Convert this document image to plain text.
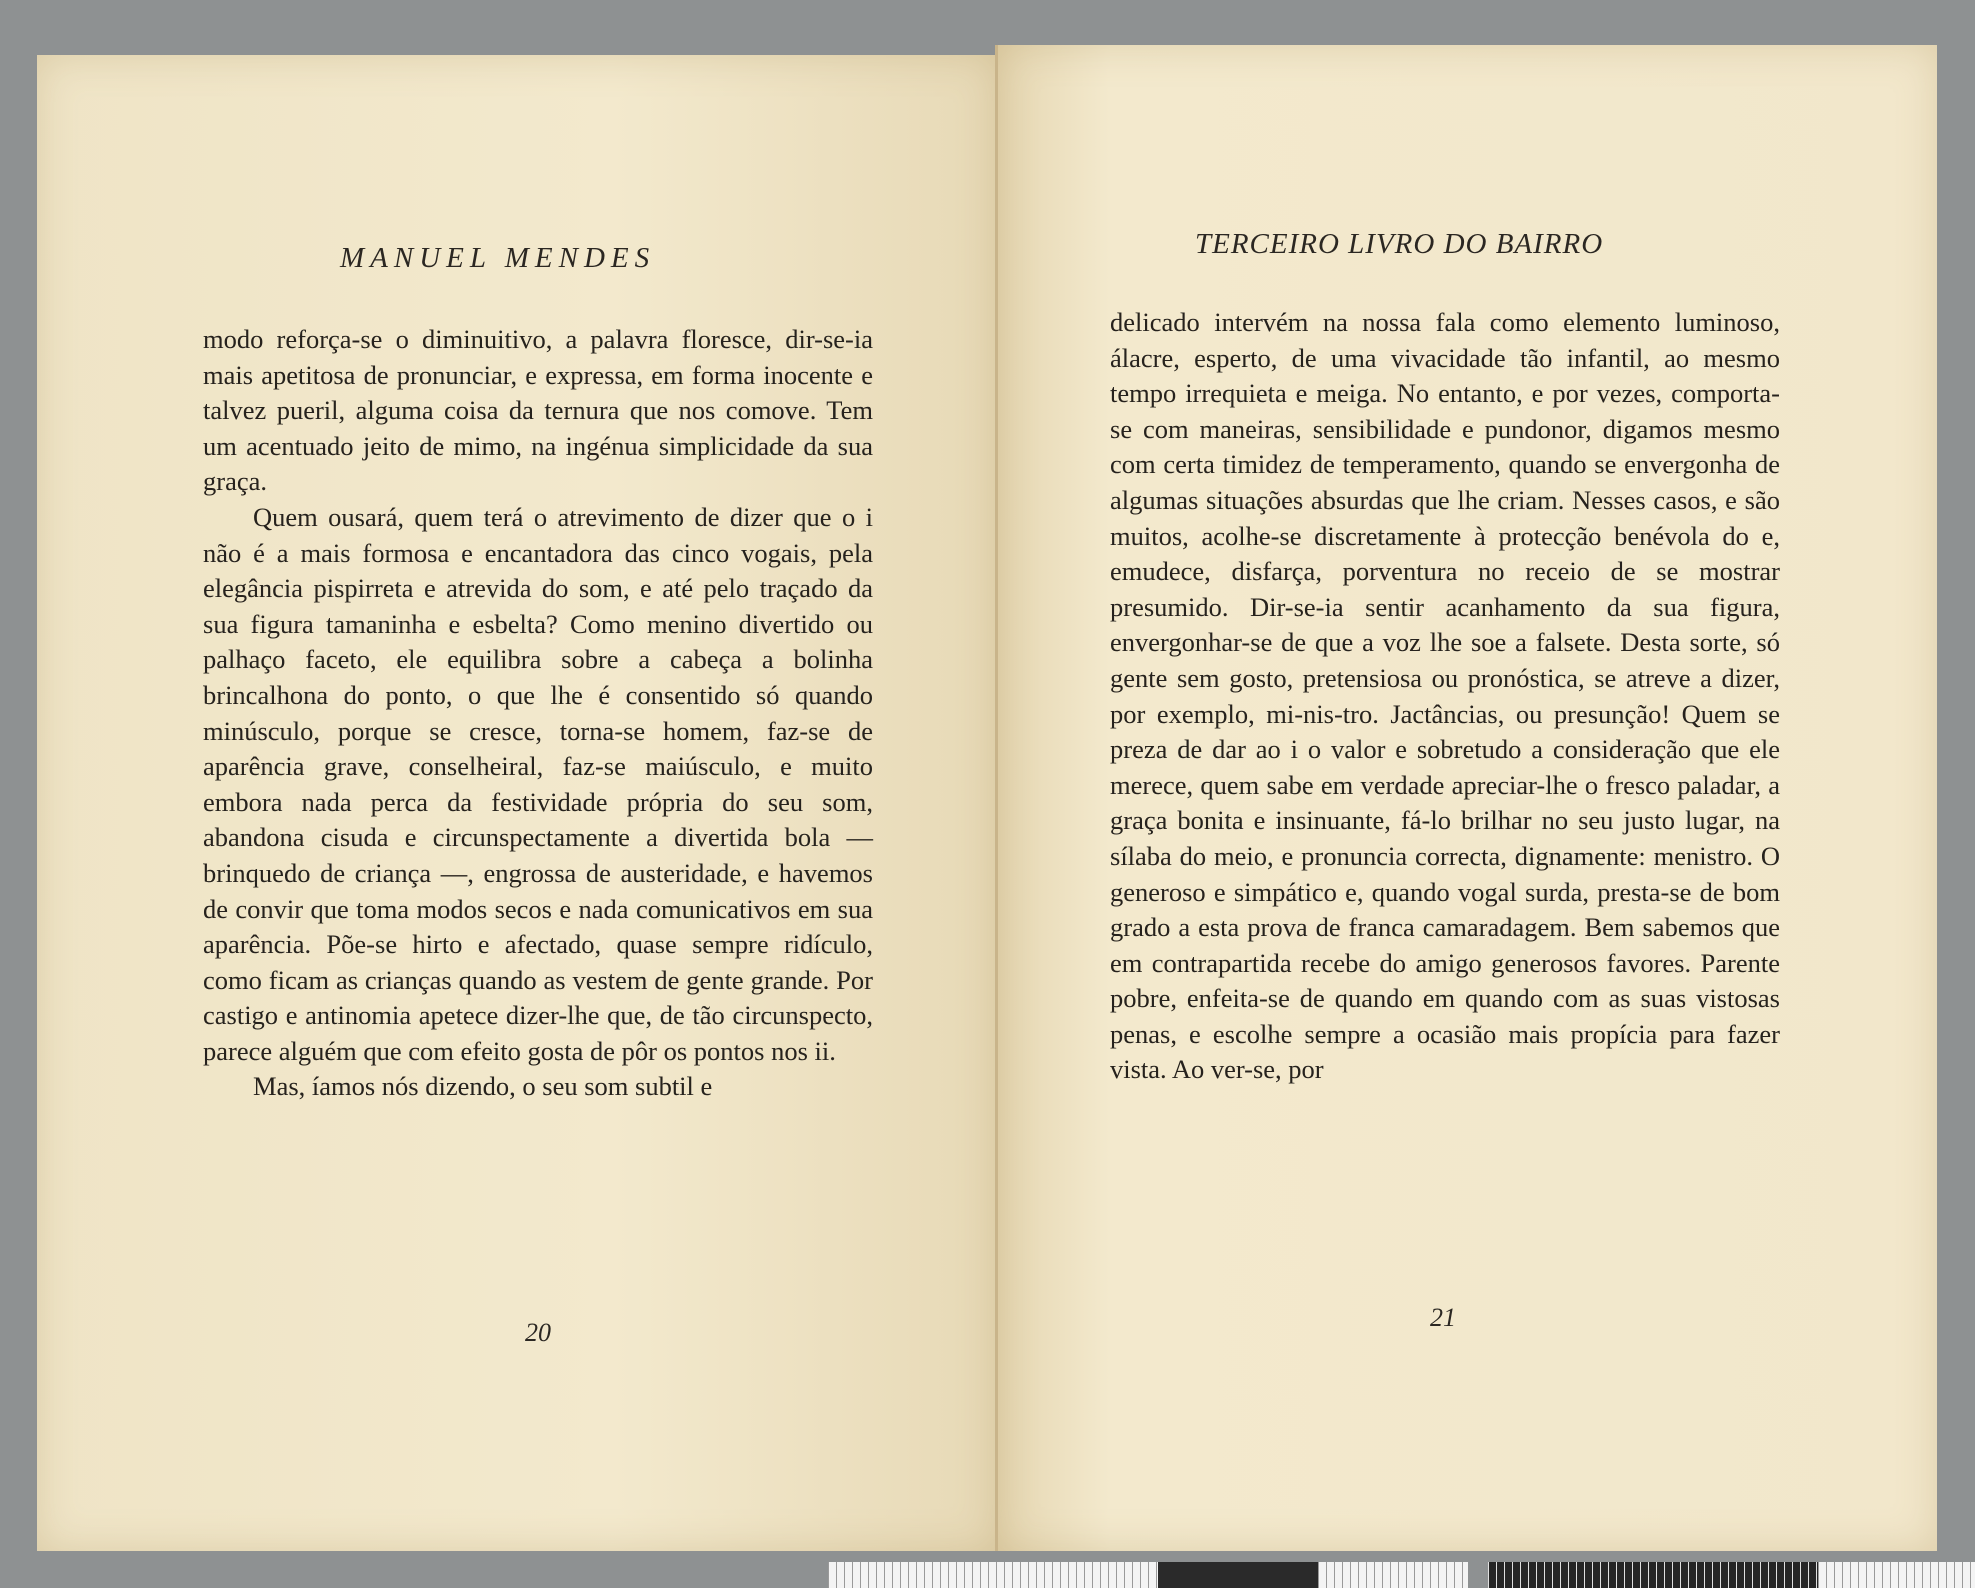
MANUEL MENDES

modo reforça-se o diminuitivo, a palavra floresce, dir-se-ia mais apetitosa de pronunciar, e expressa, em forma inocente e talvez pueril, alguma coisa da ternura que nos comove. Tem um acentuado jeito de mimo, na ingénua simplicidade da sua graça.

Quem ousará, quem terá o atrevimento de dizer que o i não é a mais formosa e encantadora das cinco vogais, pela elegância pispirreta e atrevida do som, e até pelo traçado da sua figura tamaninha e esbelta? Como menino divertido ou palhaço faceto, ele equilibra sobre a cabeça a bolinha brincalhona do ponto, o que lhe é consentido só quando minúsculo, porque se cresce, torna-se homem, faz-se de aparência grave, conselheiral, faz-se maiúsculo, e muito embora nada perca da festividade própria do seu som, abandona cisuda e circunspectamente a divertida bola — brinquedo de criança —, engrossa de austeridade, e havemos de convir que toma modos secos e nada comunicativos em sua aparência. Põe-se hirto e afectado, quase sempre ridículo, como ficam as crianças quando as vestem de gente grande. Por castigo e antinomia apetece dizer-lhe que, de tão circunspecto, parece alguém que com efeito gosta de pôr os pontos nos ii.

Mas, íamos nós dizendo, o seu som subtil e

20
TERCEIRO LIVRO DO BAIRRO

delicado intervém na nossa fala como elemento luminoso, álacre, esperto, de uma vivacidade tão infantil, ao mesmo tempo irrequieta e meiga. No entanto, e por vezes, comporta-se com maneiras, sensibilidade e pundonor, digamos mesmo com certa timidez de temperamento, quando se envergonha de algumas situações absurdas que lhe criam. Nesses casos, e são muitos, acolhe-se discretamente à protecção benévola do e, emudece, disfarça, porventura no receio de se mostrar presumido. Dir-se-ia sentir acanhamento da sua figura, envergonhar-se de que a voz lhe soe a falsete. Desta sorte, só gente sem gosto, pretensiosa ou pronóstica, se atreve a dizer, por exemplo, mi-nis-tro. Jactâncias, ou presunção! Quem se preza de dar ao i o valor e sobretudo a consideração que ele merece, quem sabe em verdade apreciar-lhe o fresco paladar, a graça bonita e insinuante, fá-lo brilhar no seu justo lugar, na sílaba do meio, e pronuncia correcta, dignamente: menistro. O generoso e simpático e, quando vogal surda, presta-se de bom grado a esta prova de franca camaradagem. Bem sabemos que em contrapartida recebe do amigo generosos favores. Parente pobre, enfeita-se de quando em quando com as suas vistosas penas, e escolhe sempre a ocasião mais propícia para fazer vista. Ao ver-se, por

21
